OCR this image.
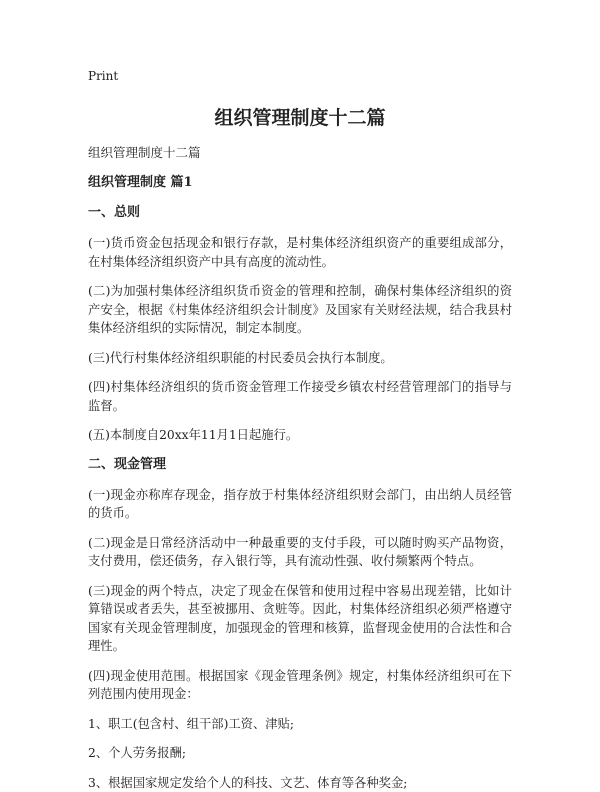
Print
组织管理制度十二篇
组织管理制度十二篇
组织管理制度 篇1
一、总则

(一)货币资金包括现金和银行存款，是村集体经济组织资产的重要组成部分，在村集体经济组织资产中具有高度的流动性。

(二)为加强村集体经济组织货币资金的管理和控制，确保村集体经济组织的资产安全，根据《村集体经济组织会计制度》及国家有关财经法规，结合我县村集体经济组织的实际情况，制定本制度。

(三)代行村集体经济组织职能的村民委员会执行本制度。

(四)村集体经济组织的货币资金管理工作接受乡镇农村经营管理部门的指导与监督。

(五)本制度自20xx年11月1日起施行。

二、现金管理

(一)现金亦称库存现金，指存放于村集体经济组织财会部门，由出纳人员经管的货币。

(二)现金是日常经济活动中一种最重要的支付手段，可以随时购买产品物资，支付费用，偿还债务，存入银行等，具有流动性强、收付频繁两个特点。

(三)现金的两个特点，决定了现金在保管和使用过程中容易出现差错，比如计算错误或者丢失，甚至被挪用、贪赃等。因此，村集体经济组织必须严格遵守国家有关现金管理制度，加强现金的管理和核算，监督现金使用的合法性和合理性。

(四)现金使用范围。根据国家《现金管理条例》规定，村集体经济组织可在下列范围内使用现金：

1、职工(包含村、组干部)工资、津贴;

2、个人劳务报酬;

3、根据国家规定发给个人的科技、文艺、体育等各种奖金;
